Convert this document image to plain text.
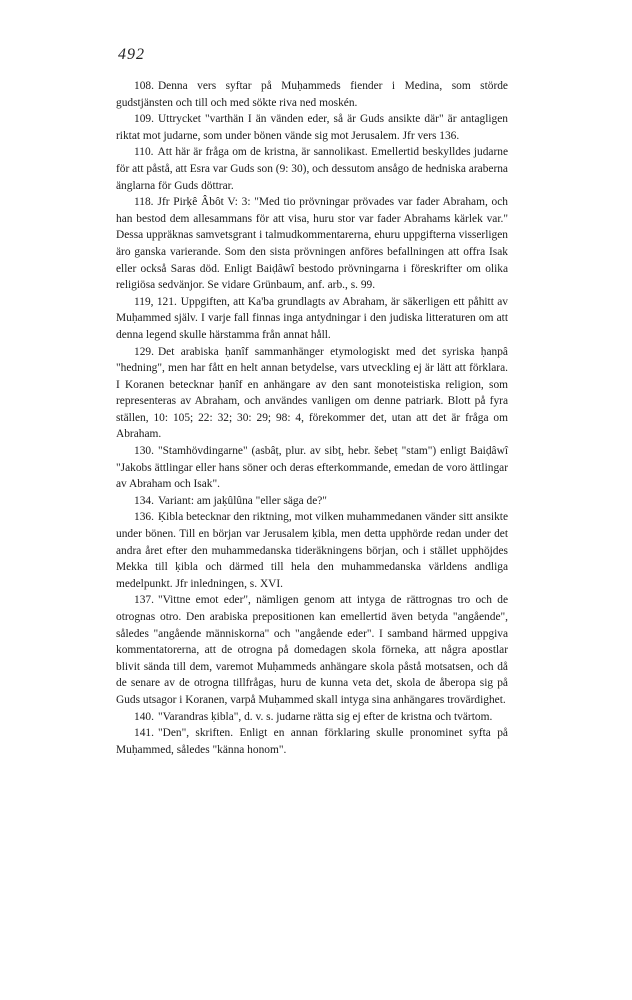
492

108. Denna vers syftar på Muḥammeds fiender i Medina, som störde gudstjänsten och till och med sökte riva ned moskén.

109. Uttrycket "varthän I än vänden eder, så är Guds ansikte där" är antagligen riktat mot judarne, som under bönen vände sig mot Jerusalem. Jfr vers 136.

110. Att här är fråga om de kristna, är sannolikast. Emellertid beskylldes judarne för att påstå, att Esra var Guds son (9: 30), och dessutom ansågo de hedniska araberna änglarna för Guds döttrar.

118. Jfr Pirḳê Âbôt V: 3: "Med tio prövningar prövades var fader Abraham, och han bestod dem allesammans för att visa, huru stor var fader Abrahams kärlek var." Dessa uppräknas samvetsgrant i talmudkommentarerna, ehuru uppgifterna visserligen äro ganska varierande. Som den sista prövningen anföres befallningen att offra Isak eller också Saras död. Enligt Baiḍâwî bestodo prövningarna i föreskrifter om olika religiösa sedvänjor. Se vidare Grünbaum, anf. arb., s. 99.

119, 121. Uppgiften, att Ka'ba grundlagts av Abraham, är säkerligen ett påhitt av Muḥammed själv. I varje fall finnas inga antydningar i den judiska litteraturen om att denna legend skulle härstamma från annat håll.

129. Det arabiska ḥanîf sammanhänger etymologiskt med det syriska ḥanpâ "hedning", men har fått en helt annan betydelse, vars utveckling ej är lätt att förklara. I Koranen betecknar ḥanîf en anhängare av den sant monoteistiska religion, som representeras av Abraham, och användes vanligen om denne patriark. Blott på fyra ställen, 10: 105; 22: 32; 30: 29; 98: 4, förekommer det, utan att det är fråga om Abraham.

130. "Stamhövdingarne" (asbâṭ, plur. av sibṭ, hebr. šebeṭ "stam") enligt Baiḍâwî "Jakobs ättlingar eller hans söner och deras efterkommande, emedan de voro ättlingar av Abraham och Isak".

134. Variant: am jaḳûlûna "eller säga de?"

136. Ḳibla betecknar den riktning, mot vilken muhammedanen vänder sitt ansikte under bönen. Till en början var Jerusalem ḳibla, men detta upphörde redan under det andra året efter den muhammedanska tideräkningens början, och i stället upphöjdes Mekka till ḳibla och därmed till hela den muhammedanska världens andliga medelpunkt. Jfr inledningen, s. XVI.

137. "Vittne emot eder", nämligen genom att intyga de rättrognas tro och de otrognas otro. Den arabiska prepositionen kan emellertid även betyda "angående", således "angående människorna" och "angående eder". I samband härmed uppgiva kommentatorerna, att de otrogna på domedagen skola förneka, att några apostlar blivit sända till dem, varemot Muḥammeds anhängare skola påstå motsatsen, och då de senare av de otrogna tillfrågas, huru de kunna veta det, skola de åberopa sig på Guds utsagor i Koranen, varpå Muḥammed skall intyga sina anhängares trovärdighet.

140. "Varandras ḳibla", d. v. s. judarne rätta sig ej efter de kristna och tvärtom.

141. "Den", skriften. Enligt en annan förklaring skulle pronominet syfta på Muḥammed, således "känna honom".
